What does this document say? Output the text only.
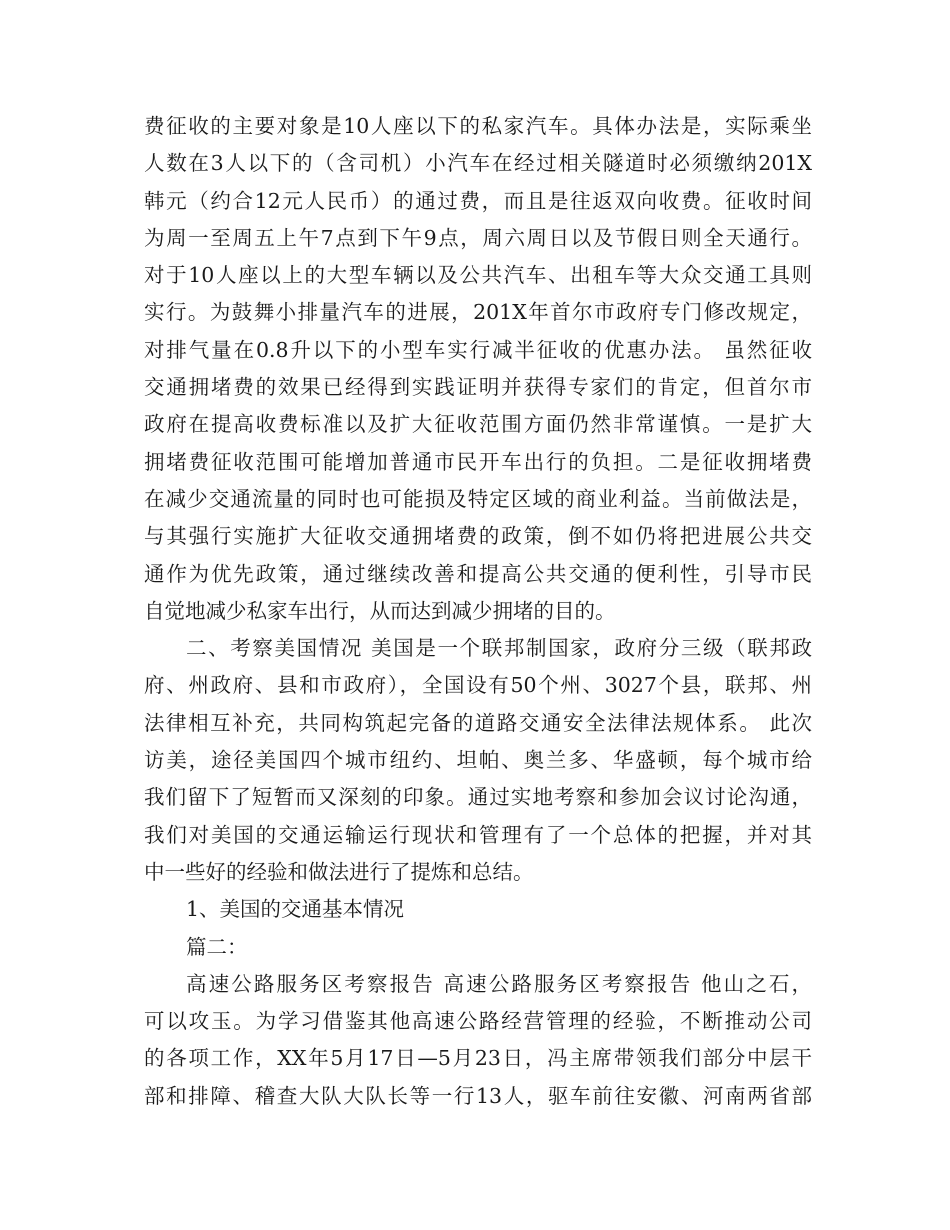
费征收的主要对象是10人座以下的私家汽车。具体办法是，实际乘坐
人数在3人以下的（含司机）小汽车在经过相关隧道时必须缴纳201X
韩元（约合12元人民币）的通过费，而且是往返双向收费。征收时间
为周一至周五上午7点到下午9点，周六周日以及节假日则全天通行。
对于10人座以上的大型车辆以及公共汽车、出租车等大众交通工具则
实行。为鼓舞小排量汽车的进展，201X年首尔市政府专门修改规定，
对排气量在0.8升以下的小型车实行减半征收的优惠办法。 虽然征收
交通拥堵费的效果已经得到实践证明并获得专家们的肯定，但首尔市
政府在提高收费标准以及扩大征收范围方面仍然非常谨慎。一是扩大
拥堵费征收范围可能增加普通市民开车出行的负担。二是征收拥堵费
在减少交通流量的同时也可能损及特定区域的商业利益。当前做法是，
与其强行实施扩大征收交通拥堵费的政策，倒不如仍将把进展公共交
通作为优先政策，通过继续改善和提高公共交通的便利性，引导市民
自觉地减少私家车出行，从而达到减少拥堵的目的。
二、考察美国情况 美国是一个联邦制国家，政府分三级（联邦政
府、州政府、县和市政府），全国设有50个州、3027个县，联邦、州
法律相互补充，共同构筑起完备的道路交通安全法律法规体系。 此次
访美，途径美国四个城市纽约、坦帕、奥兰多、华盛顿，每个城市给
我们留下了短暂而又深刻的印象。通过实地考察和参加会议讨论沟通，
我们对美国的交通运输运行现状和管理有了一个总体的把握，并对其
中一些好的经验和做法进行了提炼和总结。
1、美国的交通基本情况
篇二：
高速公路服务区考察报告 高速公路服务区考察报告 他山之石，
可以攻玉。为学习借鉴其他高速公路经营管理的经验，不断推动公司
的各项工作，XX年5月17日—5月23日，冯主席带领我们部分中层干
部和排障、稽查大队大队长等一行13人，驱车前往安徽、河南两省部
